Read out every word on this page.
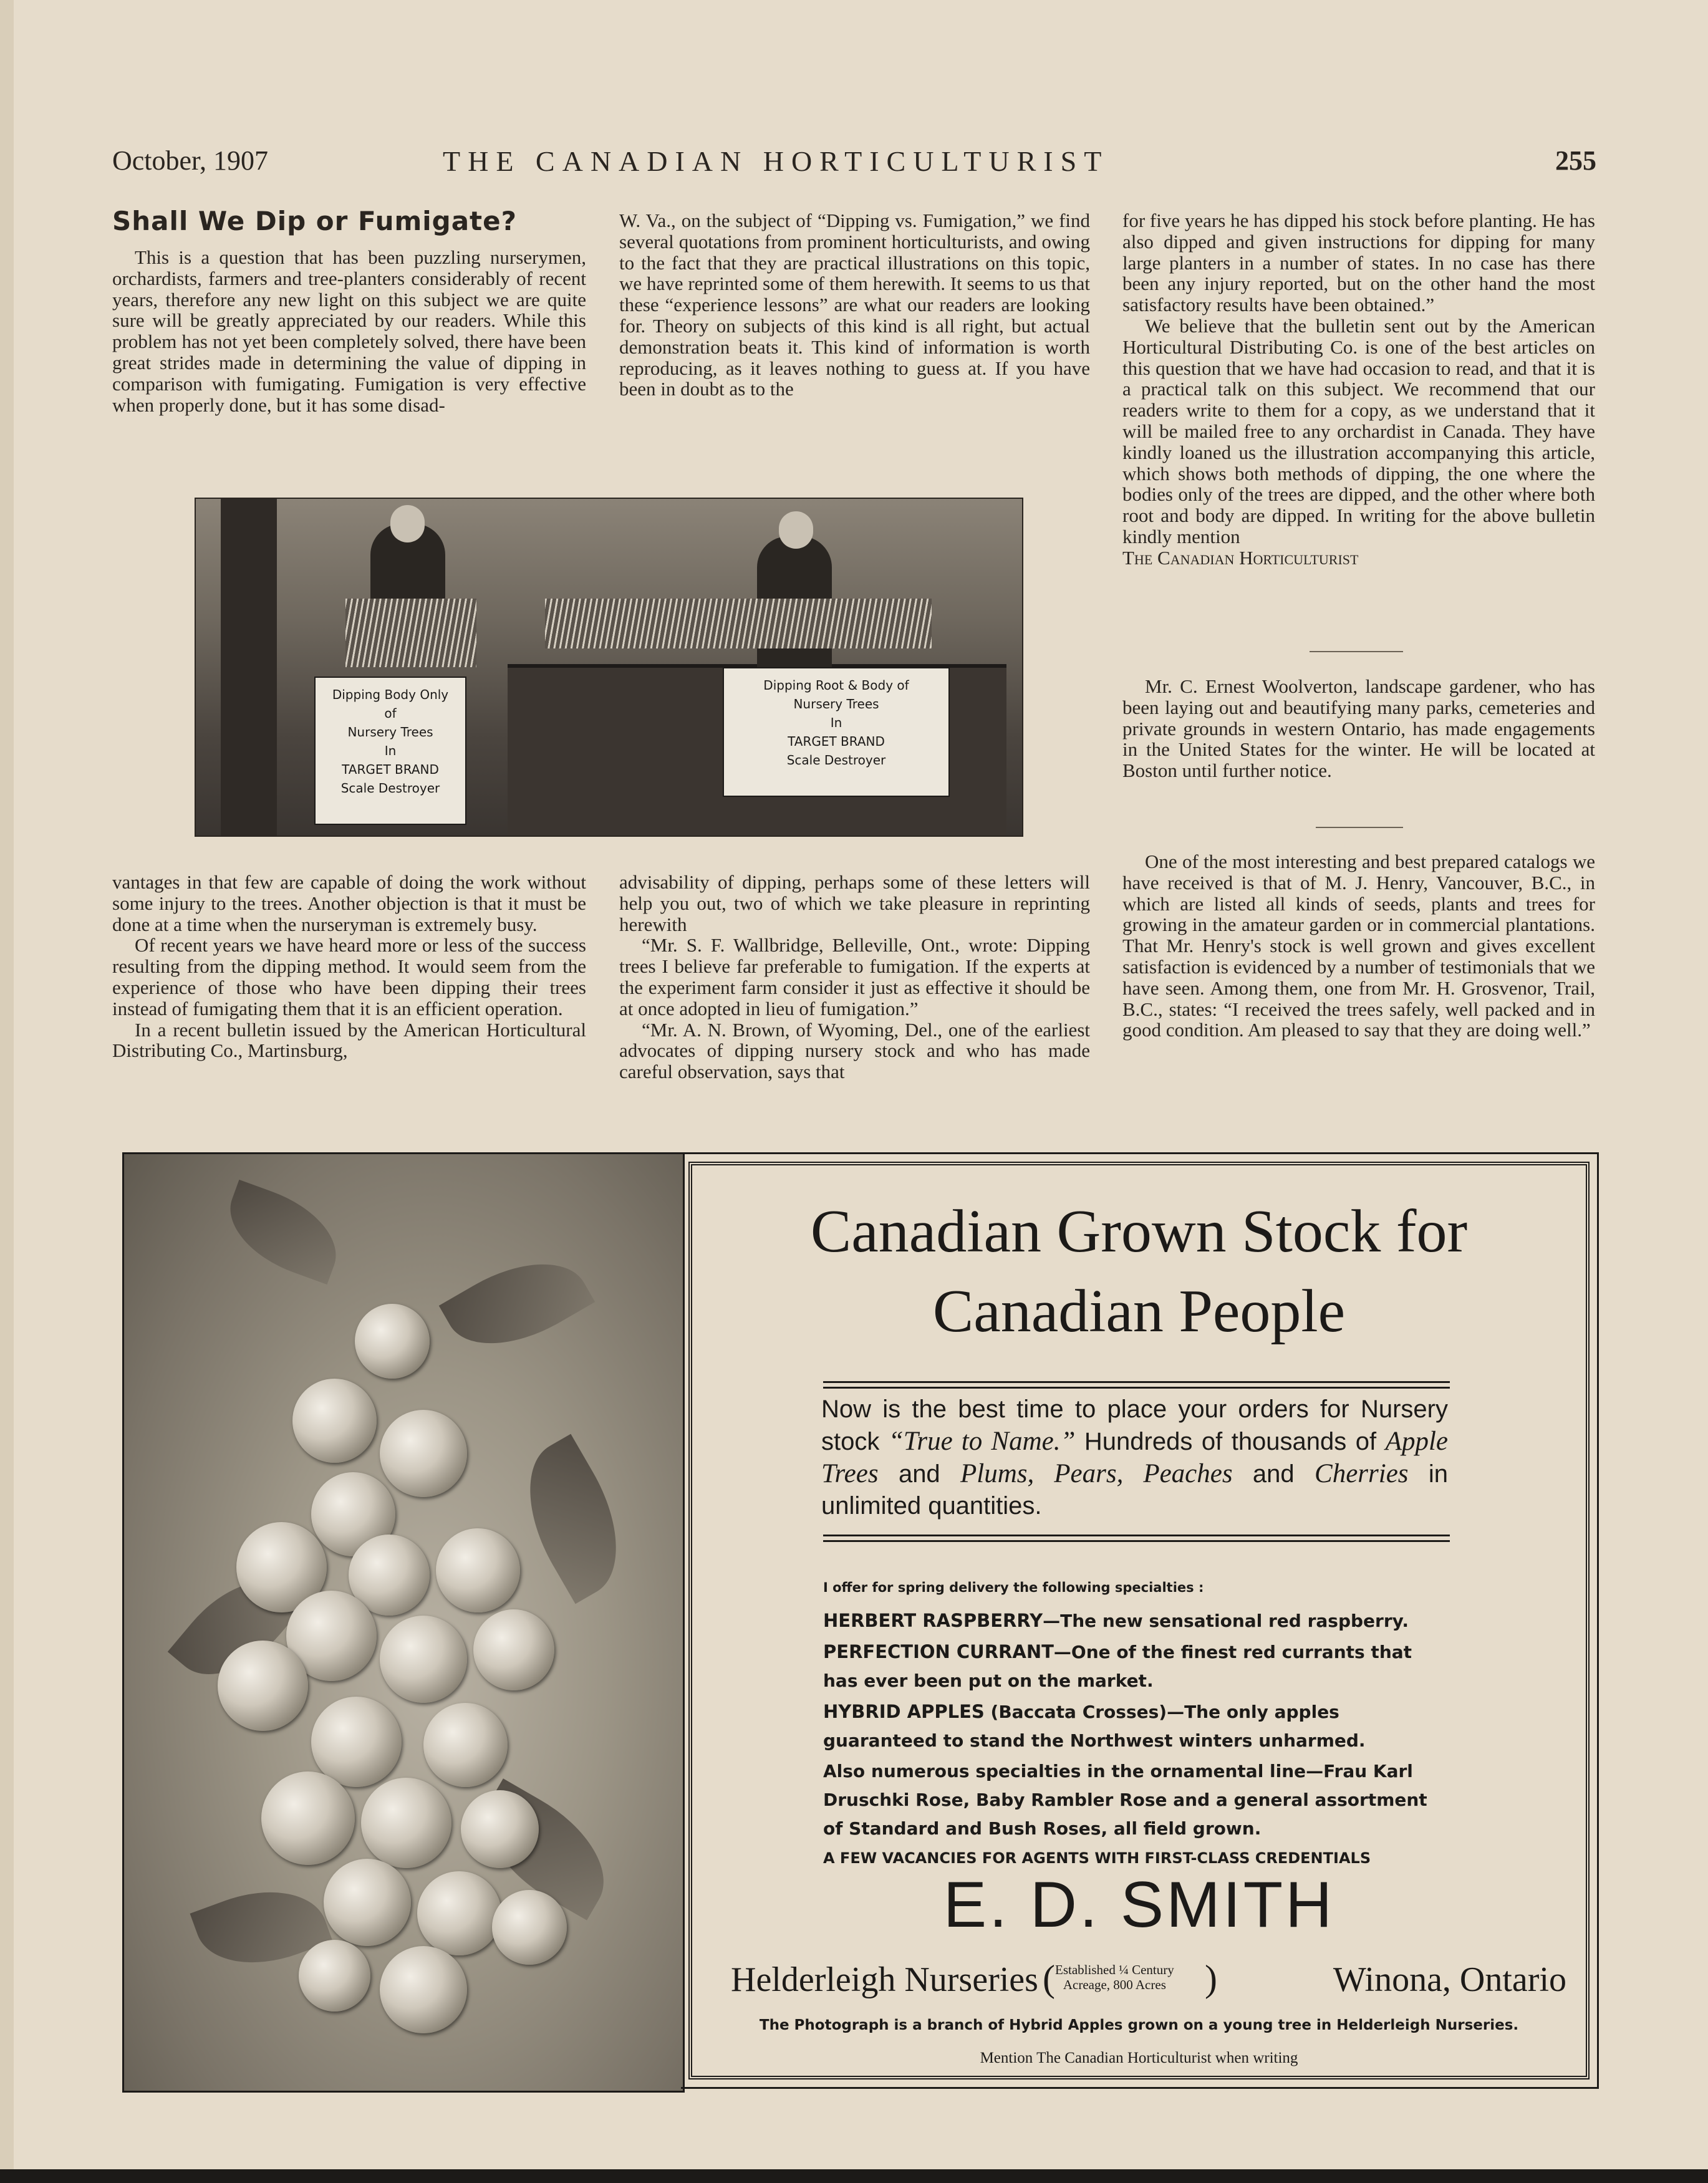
October, 1907	THE CANADIAN HORTICULTURIST	255
Shall We Dip or Fumigate?

This is a question that has been puzzling nurserymen, orchardists, farmers and tree-planters considerably of recent years, therefore any new light on this subject we are quite sure will be greatly appreciated by our readers. While this problem has not yet been completely solved, there have been great strides made in determining the value of dipping in comparison with fumigating. Fumigation is very effective when properly done, but it has some disad-

W. Va., on the subject of “Dipping vs. Fumigation,” we find several quotations from prominent horticulturists, and owing to the fact that they are practical illustrations on this topic, we have reprinted some of them herewith. It seems to us that these “experience lessons” are what our readers are looking for. Theory on subjects of this kind is all right, but actual demonstration beats it. This kind of information is worth reproducing, as it leaves nothing to guess at. If you have been in doubt as to the

for five years he has dipped his stock before planting. He has also dipped and given instructions for dipping for many large planters in a number of states. In no case has there been any injury reported, but on the other hand the most satisfactory results have been obtained.”

We believe that the bulletin sent out by the American Horticultural Distributing Co. is one of the best articles on this question that we have had occasion to read, and that it is a practical talk on this subject. We recommend that our readers write to them for a copy, as we understand that it will be mailed free to any orchardist in Canada. They have kindly loaned us the illustration accompanying this article, which shows both methods of dipping, the one where the bodies only of the trees are dipped, and the other where both root and body are dipped. In writing for the above bulletin kindly mention

The Canadian Horticulturist

Dipping Body Only
of
Nursery Trees
In
TARGET BRAND
Scale Destroyer
Dipping Root & Body of
Nursery Trees
In
TARGET BRAND
Scale Destroyer

Mr. C. Ernest Woolverton, landscape gardener, who has been laying out and beautifying many parks, cemeteries and private grounds in western Ontario, has made engagements in the United States for the winter. He will be located at Boston until further notice.

vantages in that few are capable of doing the work without some injury to the trees. Another objection is that it must be done at a time when the nurseryman is extremely busy.

Of recent years we have heard more or less of the success resulting from the dipping method. It would seem from the experience of those who have been dipping their trees instead of fumigating them that it is an efficient operation.

In a recent bulletin issued by the American Horticultural Distributing Co., Martinsburg,

advisability of dipping, perhaps some of these letters will help you out, two of which we take pleasure in reprinting herewith

“Mr. S. F. Wallbridge, Belleville, Ont., wrote: Dipping trees I believe far preferable to fumigation. If the experts at the experiment farm consider it just as effective it should be at once adopted in lieu of fumigation.”

“Mr. A. N. Brown, of Wyoming, Del., one of the earliest advocates of dipping nursery stock and who has made careful observation, says that

One of the most interesting and best prepared catalogs we have received is that of M. J. Henry, Vancouver, B.C., in which are listed all kinds of seeds, plants and trees for growing in the amateur garden or in commercial plantations. That Mr. Henry's stock is well grown and gives excellent satisfaction is evidenced by a number of testimonials that we have seen. Among them, one from Mr. H. Grosvenor, Trail, B.C., states: “I received the trees safely, well packed and in good condition. Am pleased to say that they are doing well.”

Canadian Grown Stock for
Canadian People
Now is the best time to place your orders for Nursery stock “True to Name.” Hundreds of thousands of Apple Trees and Plums, Pears, Peaches and Cherries in unlimited quantities.
I offer for spring delivery the following specialties :
HERBERT RASPBERRY—The new sensational red raspberry.
PERFECTION CURRANT—One of the finest red currants that has ever been put on the market.
HYBRID APPLES (Baccata Crosses)—The only apples guaranteed to stand the Northwest winters unharmed.
Also numerous specialties in the ornamental line—Frau Karl Druschki Rose, Baby Rambler Rose and a general assortment of Standard and Bush Roses, all field grown.
A FEW VACANCIES FOR AGENTS WITH FIRST-CLASS CREDENTIALS
E. D. SMITH
Helderleigh Nurseries ( Established ¼ Century
Acreage, 800 Acres )	Winona, Ontario
The Photograph is a branch of Hybrid Apples grown on a young tree in Helderleigh Nurseries.
Mention The Canadian Horticulturist when writing
